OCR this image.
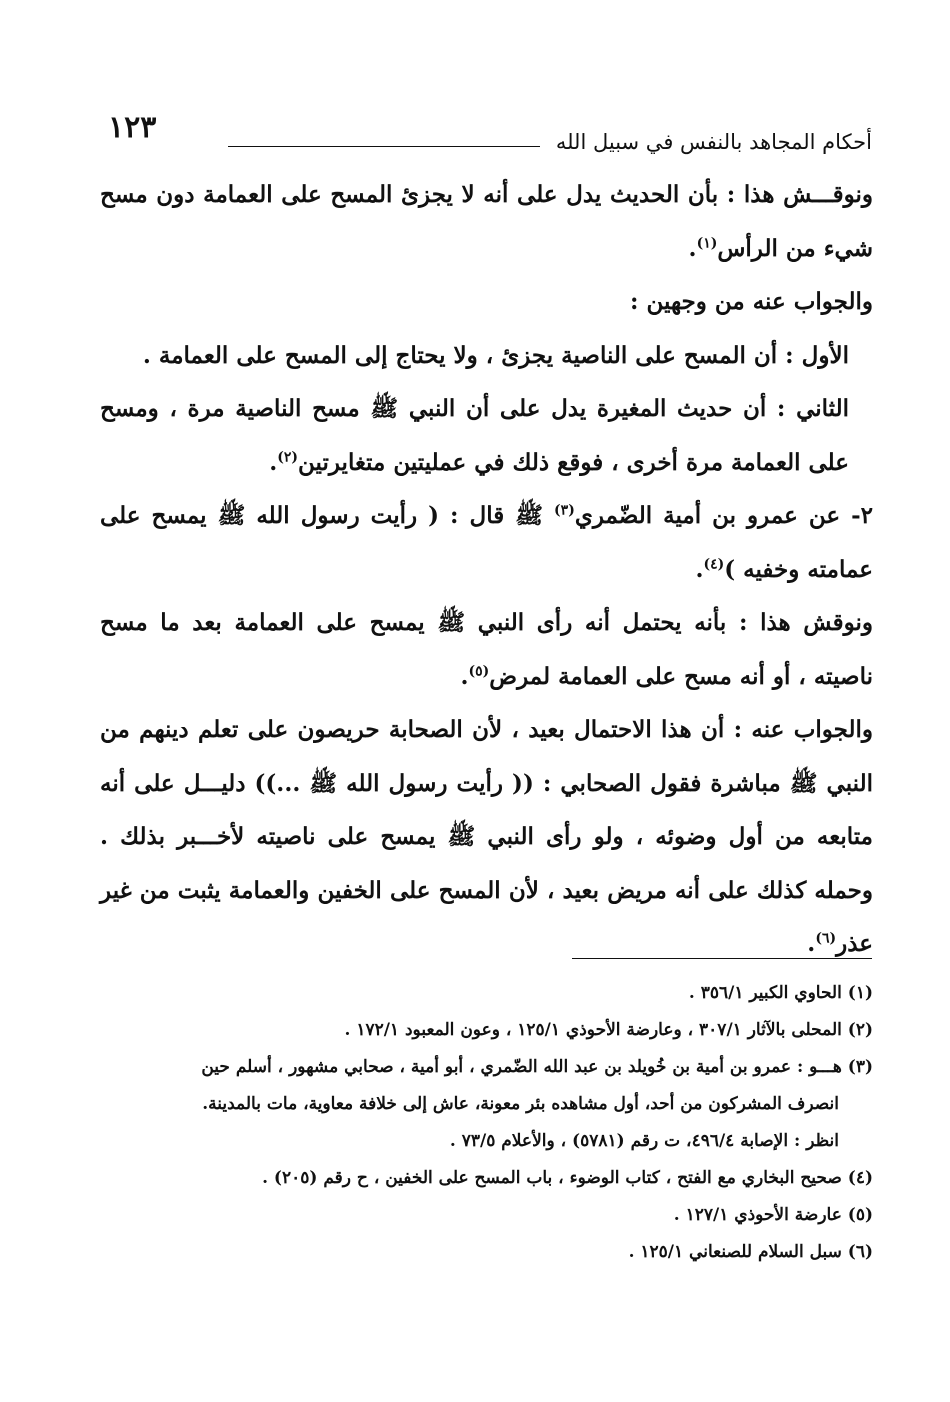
أحكام المجاهد بالنفس في سبيل الله
١٢٣

ونوقـــش هذا : بأن الحديث يدل على أنه لا يجزئ المسح على العمامة دون مسح شيء من الرأس$^{(١)}$.

والجواب عنه من وجهين :

الأول : أن المسح على الناصية يجزئ ، ولا يحتاج إلى المسح على العمامة .

الثاني : أن حديث المغيرة يدل على أن النبي ﷺ مسح الناصية مرة ، ومسح على العمامة مرة أخرى ، فوقع ذلك في عمليتين متغايرتين$^{(٢)}$.

٢- عن عمرو بن أمية الضّمري$^{(٣)}$ ﷺ قال : ( رأيت رسول الله ﷺ يمسح على عمامته وخفيه )$^{(٤)}$.

ونوقش هذا : بأنه يحتمل أنه رأى النبي ﷺ يمسح على العمامة بعد ما مسح ناصيته ، أو أنه مسح على العمامة لمرض$^{(٥)}$.

والجواب عنه : أن هذا الاحتمال بعيد ، لأن الصحابة حريصون على تعلم دينهم من النبي ﷺ مباشرة فقول الصحابي : (( رأيت رسول الله ﷺ ...)) دليـــل على أنه متابعه من أول وضوئه ، ولو رأى النبي ﷺ يمسح على ناصيته لأخـــبر بذلك . وحمله كذلك على أنه مريض بعيد ، لأن المسح على الخفين والعمامة يثبت من غير عذر$^{(٦)}$.

(١) الحاوي الكبير ٣٥٦/١ .

(٢) المحلى بالآثار ٣٠٧/١ ، وعارضة الأحوذي ١٢٥/١ ، وعون المعبود ١٧٢/١ .

(٣) هـــو : عمرو بن أمية بن خُويلد بن عبد الله الضّمري ، أبو أمية ، صحابي مشهور ، أسلم حين

انصرف المشركون من أحد، أول مشاهده بئر معونة، عاش إلى خلافة معاوية، مات بالمدينة.

انظر : الإصابة ٤٩٦/٤، ت رقم (٥٧٨١) ، والأعلام ٧٣/٥ .

(٤) صحيح البخاري مع الفتح ، كتاب الوضوء ، باب المسح على الخفين ، ح رقم (٢٠٥) .

(٥) عارضة الأحوذي ١٢٧/١ .

(٦) سبل السلام للصنعاني ١٢٥/١ .
